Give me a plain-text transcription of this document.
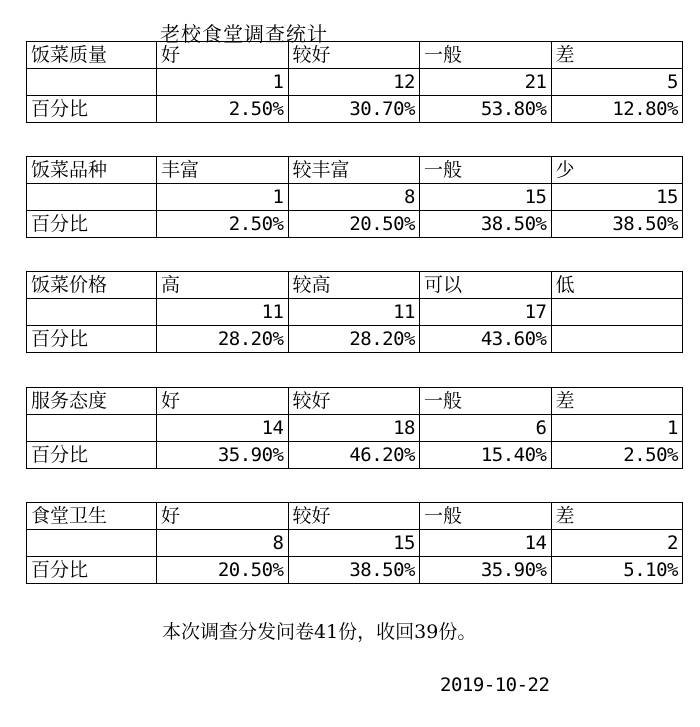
老校食堂调查统计
饭菜质量	好	较好	一般	差
	1	12	21	5
百分比	2.50%	30.70%	53.80%	12.80%
饭菜品种	丰富	较丰富	一般	少
	1	8	15	15
百分比	2.50%	20.50%	38.50%	38.50%
饭菜价格	高	较高	可以	低
	11	11	17	
百分比	28.20%	28.20%	43.60%	
服务态度	好	较好	一般	差
	14	18	6	1
百分比	35.90%	46.20%	15.40%	2.50%
食堂卫生	好	较好	一般	差
	8	15	14	2
百分比	20.50%	38.50%	35.90%	5.10%
本次调查分发问卷41份，收回39份。
2019-10-22
